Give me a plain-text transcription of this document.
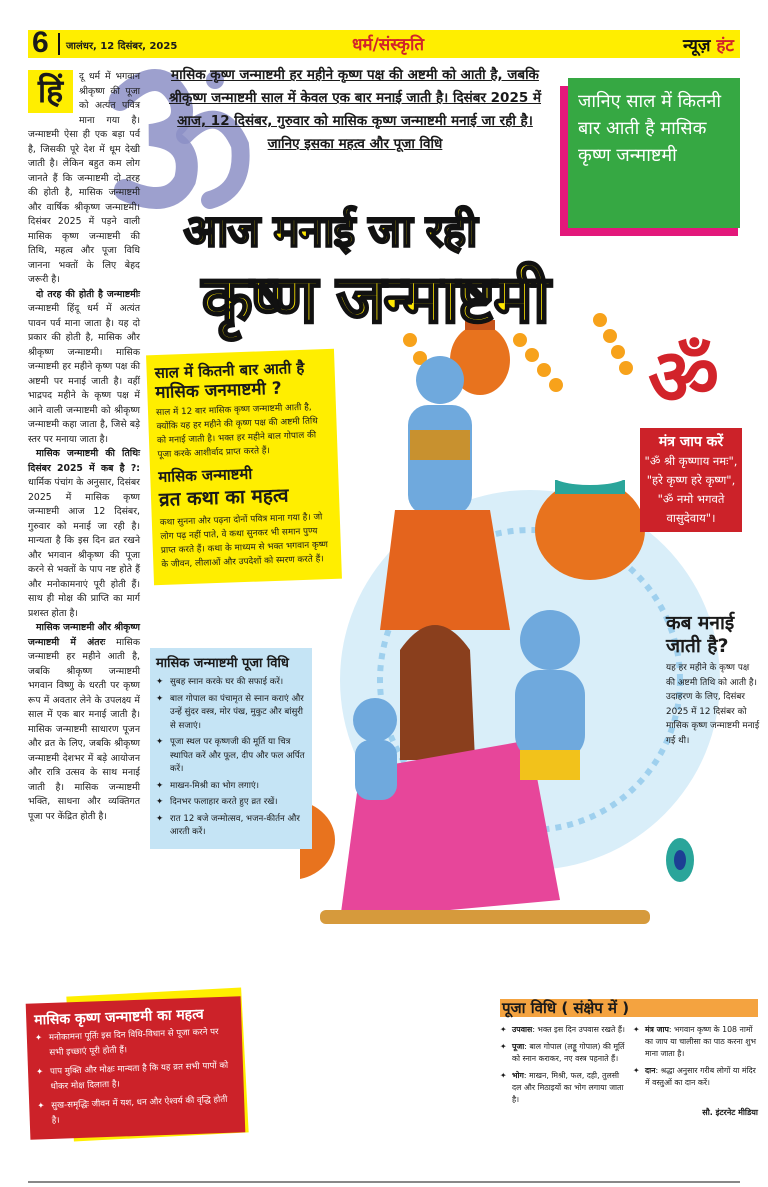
6 जालंधर, 12 दिसंबर, 2025	धर्म/संस्कृति	न्यूज़ हंट
हिं	दू धर्म में भगवान श्रीकृष्ण की पूजा को अत्यंत पवित्र माना गया है। जन्माष्टमी ऐसा ही एक बड़ा पर्व है, जिसकी पूरे देश में धूम देखी जाती है। लेकिन बहुत कम लोग जानते हैं कि जन्माष्टमी दो तरह की होती है, मासिक जन्माष्टमी और वार्षिक श्रीकृष्ण जन्माष्टमी। दिसंबर 2025 में पड़ने वाली मासिक कृष्ण जन्माष्टमी की तिथि, महत्व और पूजा विधि जानना भक्तों के लिए बेहद जरूरी है।

दो तरह की होती है जन्माष्टमीः जन्माष्टमी हिंदू धर्म में अत्यंत पावन पर्व माना जाता है। यह दो प्रकार की होती है, मासिक और श्रीकृष्ण जन्माष्टमी। मासिक जन्माष्टमी हर महीने कृष्ण पक्ष की अष्टमी पर मनाई जाती है। वहीं भाद्रपद महीने के कृष्ण पक्ष में आने वाली जन्माष्टमी को श्रीकृष्ण जन्माष्टमी कहा जाता है, जिसे बड़े स्तर पर मनाया जाता है।

मासिक जन्माष्टमी की तिथिः दिसंबर 2025 में कब है ?: धार्मिक पंचांग के अनुसार, दिसंबर 2025 में मासिक कृष्ण जन्माष्टमी आज 12 दिसंबर, गुरुवार को मनाई जा रही है। मान्यता है कि इस दिन व्रत रखने और भगवान श्रीकृष्ण की पूजा करने से भक्तों के पाप नष्ट होते हैं और मनोकामनाएं पूरी होती हैं। साथ ही मोक्ष की प्राप्ति का मार्ग प्रशस्त होता है।

मासिक जन्माष्टमी और श्रीकृष्ण जन्माष्टमी में अंतरः मासिक जन्माष्टमी हर महीने आती है, जबकि श्रीकृष्ण जन्माष्टमी भगवान विष्णु के धरती पर कृष्ण रूप में अवतार लेने के उपलक्ष्य में साल में एक बार मनाई जाती है। मासिक जन्माष्टमी साधारण पूजन और व्रत के लिए, जबकि श्रीकृष्ण जन्माष्टमी देशभर में बड़े आयोजन और रात्रि उत्सव के साथ मनाई जाती है। मासिक जन्माष्टमी भक्ति, साधना और व्यक्तिगत पूजा पर केंद्रित होती है।

मासिक कृष्ण जन्माष्टमी हर महीने कृष्ण पक्ष की अष्टमी को आती है, जबकि श्रीकृष्ण जन्माष्टमी साल में केवल एक बार मनाई जाती है। दिसंबर 2025 में आज, 12 दिसंबर, गुरुवार को मासिक कृष्ण जन्माष्टमी मनाई जा रही है। जानिए इसका महत्व और पूजा विधि
जानिए साल में कितनी बार आती है मासिक कृष्ण जन्माष्टमी
आज मनाई जा रही
कृष्ण जन्माष्टमी
साल में कितनी बार आती है
मासिक जनमाष्टमी ?

साल में 12 बार मासिक कृष्ण जन्माष्टमी आती है, क्योंकि यह हर महीने की कृष्ण पक्ष की अष्टमी तिथि को मनाई जाती है। भक्त हर महीने बाल गोपाल की पूजा करके आशीर्वाद प्राप्त करते हैं।

मासिक जन्माष्टमी
व्रत कथा का महत्व

कथा सुनना और पढ़ना दोनों पवित्र माना गया है। जो लोग पढ़ नहीं पाते, वे कथा सुनकर भी समान पुण्य प्राप्त करते हैं। कथा के माध्यम से भक्त भगवान कृष्ण के जीवन, लीलाओं और उपदेशों को स्मरण करते हैं।

मासिक जन्माष्टमी पूजा विधि
✦ सुबह स्नान करके घर की सफाई करें।
✦ बाल गोपाल का पंचामृत से स्नान कराएं और उन्हें सुंदर वस्त्र, मोर पंख, मुकुट और बांसुरी से सजाएं।
✦ पूजा स्थल पर कृष्णजी की मूर्ति या चित्र स्थापित करें और फूल, दीप और फल अर्पित करें।
✦ माखन-मिश्री का भोग लगाएं।
✦ दिनभर फलाहार करते हुए व्रत रखें।
✦ रात 12 बजे जन्मोत्सव, भजन-कीर्तन और आरती करें।
ॐ
मंत्र जाप करें

"ॐ श्री कृष्णाय नमः", "हरे कृष्ण हरे कृष्ण", "ॐ नमो भगवते वासुदेवाय"।

कब मनाई जाती है?

यह हर महीने के कृष्ण पक्ष की अष्टमी तिथि को आती है। उदाहरण के लिए, दिसंबर 2025 में 12 दिसंबर को मासिक कृष्ण जन्माष्टमी मनाई गई थी।

मासिक कृष्ण जन्माष्टमी का महत्व
✦ मनोकामना पूर्तिः इस दिन विधि-विधान से पूजा करने पर सभी इच्छाएं पूरी होती हैं।
✦ पाप मुक्ति और मोक्षः मान्यता है कि यह व्रत सभी पापों को धोकर मोक्ष दिलाता है।
✦ सुख-समृद्धिः जीवन में यश, धन और ऐश्वर्य की वृद्धि होती है।
पूजा विधि ( संक्षेप में )
✦ उपवास: भक्त इस दिन उपवास रखते हैं।
✦ पूजा: बाल गोपाल (लड्डू गोपाल) की मूर्ति को स्नान कराकर, नए वस्त्र पहनाते हैं।
✦ भोग: माखन, मिश्री, फल, दही, तुलसी दल और मिठाइयों का भोग लगाया जाता है।
✦ मंत्र जाप: भगवान कृष्ण के 108 नामों का जाप या चालीसा का पाठ करना शुभ माना जाता है।
✦ दान: श्रद्धा अनुसार गरीब लोगों या मंदिर में वस्तुओं का दान करें।
सौ. इंटरनेट मीडिया
